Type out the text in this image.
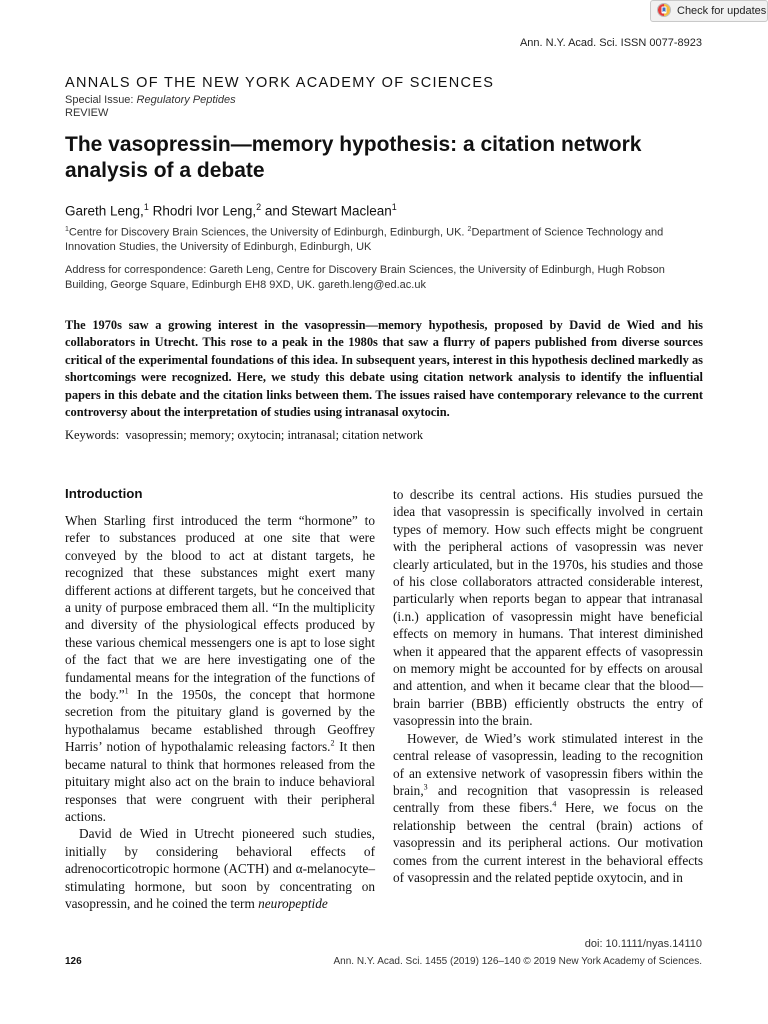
Check for updates
Ann. N.Y. Acad. Sci. ISSN 0077-8923
ANNALS OF THE NEW YORK ACADEMY OF SCIENCES
Special Issue: Regulatory Peptides
REVIEW
The vasopressin—memory hypothesis: a citation network analysis of a debate
Gareth Leng,$^1$ Rhodri Ivor Leng,$^2$ and Stewart Maclean$^1$
$^1$Centre for Discovery Brain Sciences, the University of Edinburgh, Edinburgh, UK. $^2$Department of Science Technology and Innovation Studies, the University of Edinburgh, Edinburgh, UK
Address for correspondence: Gareth Leng, Centre for Discovery Brain Sciences, the University of Edinburgh, Hugh Robson Building, George Square, Edinburgh EH8 9XD, UK. gareth.leng@ed.ac.uk

The 1970s saw a growing interest in the vasopressin—memory hypothesis, proposed by David de Wied and his collaborators in Utrecht. This rose to a peak in the 1980s that saw a flurry of papers published from diverse sources critical of the experimental foundations of this idea. In subsequent years, interest in this hypothesis declined markedly as shortcomings were recognized. Here, we study this debate using citation network analysis to identify the influential papers in this debate and the citation links between them. The issues raised have contemporary relevance to the current controversy about the interpretation of studies using intranasal oxytocin.

Keywords: vasopressin; memory; oxytocin; intranasal; citation network
Introduction

When Starling first introduced the term “hormone” to refer to substances produced at one site that were conveyed by the blood to act at distant targets, he recognized that these substances might exert many different actions at different targets, but he conceived that a unity of purpose embraced them all. “In the multiplicity and diversity of the physiological effects produced by these various chemical messengers one is apt to lose sight of the fact that we are here investigating one of the fundamental means for the integration of the functions of the body.”$^1$ In the 1950s, the concept that hormone secretion from the pituitary gland is governed by the hypothalamus became established through Geoffrey Harris’ notion of hypothalamic releasing factors.$^2$ It then became natural to think that hormones released from the pituitary might also act on the brain to induce behavioral responses that were congruent with their peripheral actions.

David de Wied in Utrecht pioneered such studies, initially by considering behavioral effects of adrenocorticotropic hormone (ACTH) and α-melanocyte–stimulating hormone, but soon by concentrating on vasopressin, and he coined the term neuropeptide

to describe its central actions. His studies pursued the idea that vasopressin is specifically involved in certain types of memory. How such effects might be congruent with the peripheral actions of vasopressin was never clearly articulated, but in the 1970s, his studies and those of his close collaborators attracted considerable interest, particularly when reports began to appear that intranasal (i.n.) application of vasopressin might have beneficial effects on memory in humans. That interest diminished when it appeared that the apparent effects of vasopressin on memory might be accounted for by effects on arousal and attention, and when it became clear that the blood—brain barrier (BBB) efficiently obstructs the entry of vasopressin into the brain.

However, de Wied’s work stimulated interest in the central release of vasopressin, leading to the recognition of an extensive network of vasopressin fibers within the brain,$^3$ and recognition that vasopressin is released centrally from these fibers.$^4$ Here, we focus on the relationship between the central (brain) actions of vasopressin and its peripheral actions. Our motivation comes from the current interest in the behavioral effects of vasopressin and the related peptide oxytocin, and in

doi: 10.1111/nyas.14110
126	Ann. N.Y. Acad. Sci. 1455 (2019) 126–140 © 2019 New York Academy of Sciences.
